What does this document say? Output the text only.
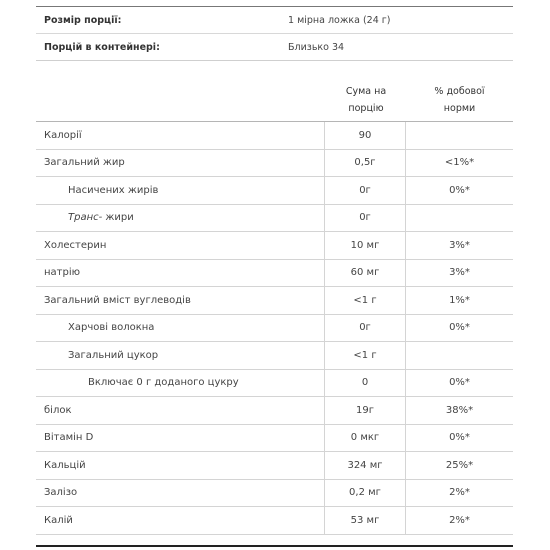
Розмір порції:	1 мірна ложка (24 г)
Порцій в контейнері:	Близько 34
Сума на
порцію
% добової
норми
Калорії	90	
Загальний жир	0,5г	<1%*
Насичених жирів	0г	0%*
Транс- жири	0г	
Холестерин	10 мг	3%*
натрію	60 мг	3%*
Загальний вміст вуглеводів	<1 г	1%*
Харчові волокна	0г	0%*
Загальний цукор	<1 г	
Включає 0 г доданого цукру	0	0%*
білок	19г	38%*
Вітамін D	0 мкг	0%*
Кальцій	324 мг	25%*
Залізо	0,2 мг	2%*
Калій	53 мг	2%*
